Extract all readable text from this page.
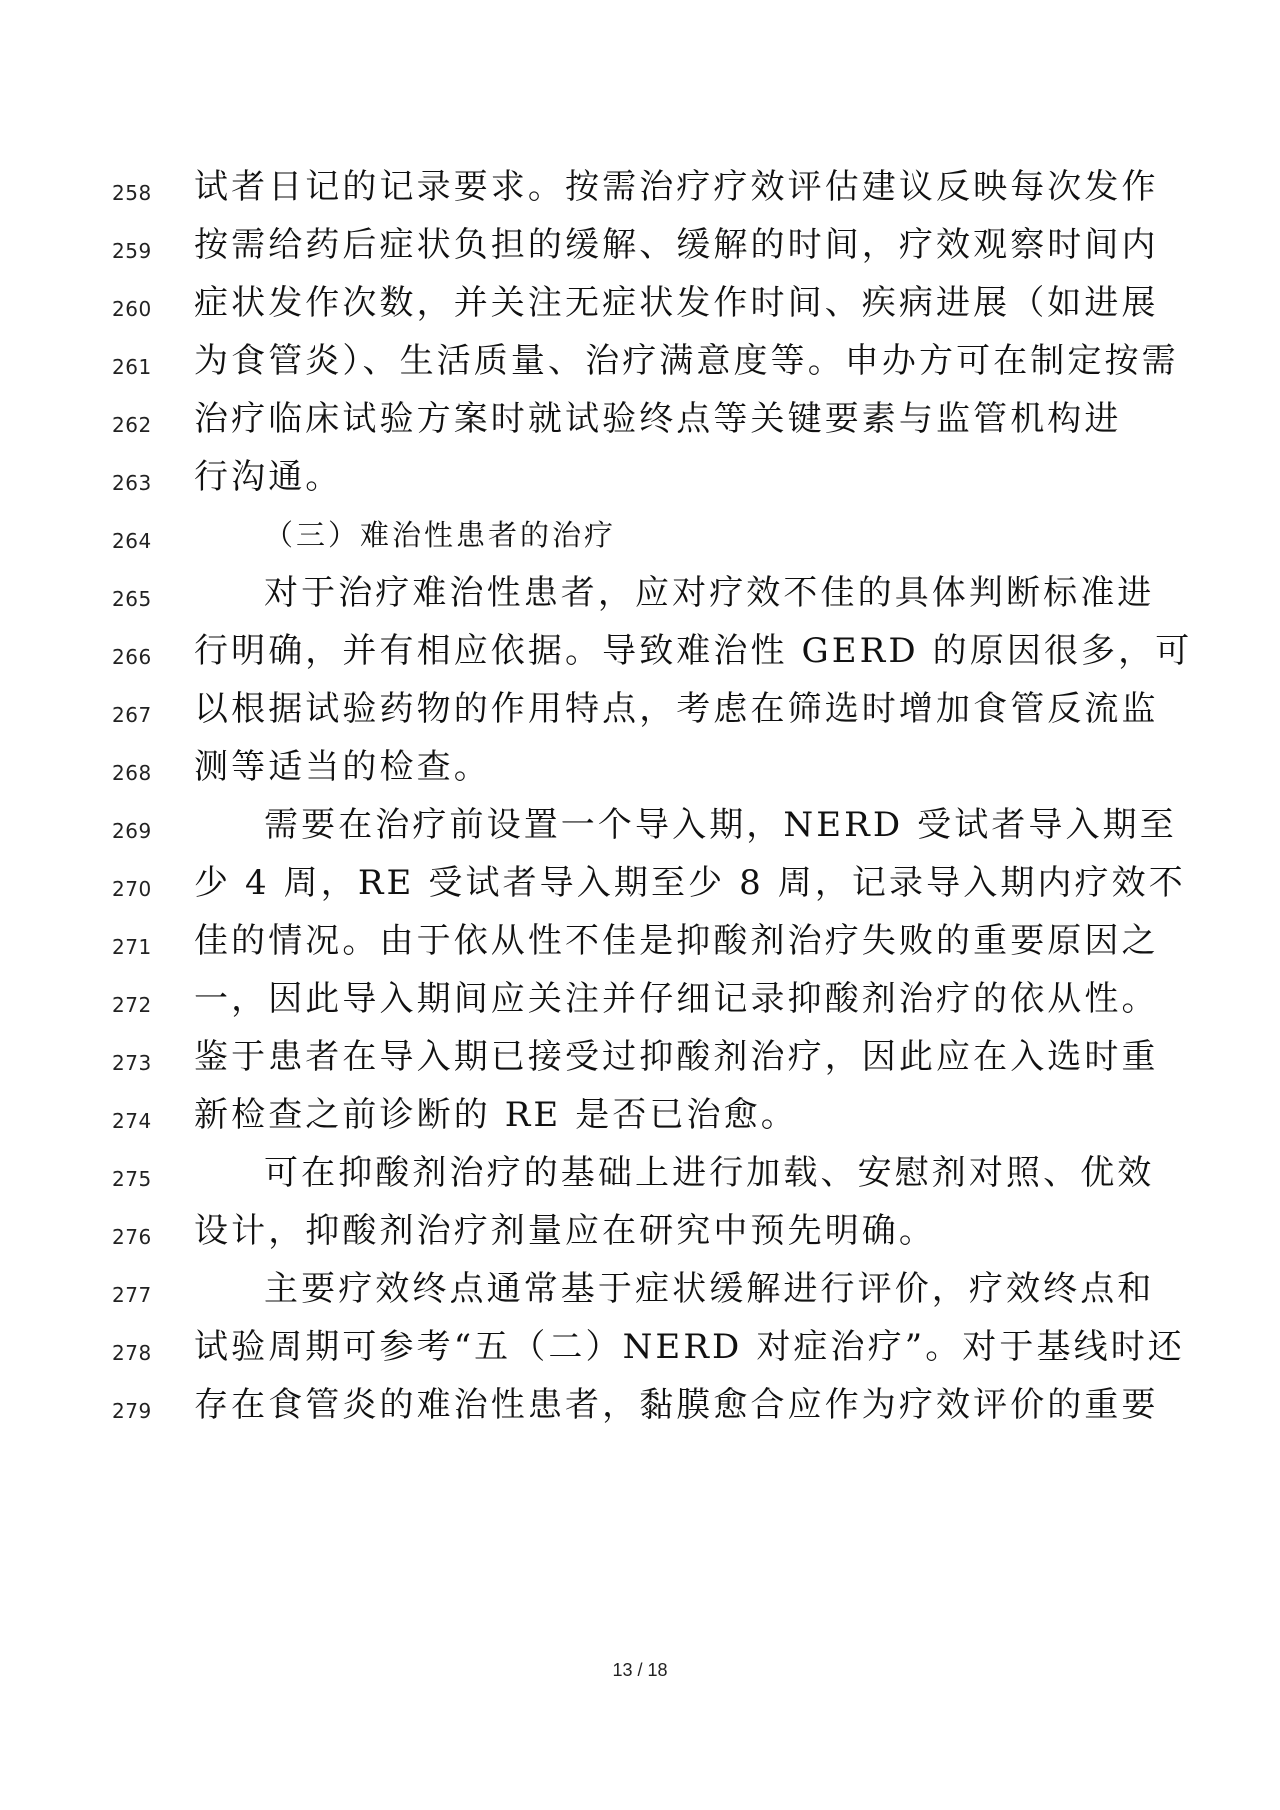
258	试者日记的记录要求。按需治疗疗效评估建议反映每次发作
259	按需给药后症状负担的缓解、缓解的时间，疗效观察时间内
260	症状发作次数，并关注无症状发作时间、疾病进展（如进展
261	为食管炎）、生活质量、治疗满意度等。申办方可在制定按需
262	治疗临床试验方案时就试验终点等关键要素与监管机构进
263	行沟通。
264	（三）难治性患者的治疗
265	对于治疗难治性患者，应对疗效不佳的具体判断标准进
266	行明确，并有相应依据。导致难治性 GERD 的原因很多，可
267	以根据试验药物的作用特点，考虑在筛选时增加食管反流监
268	测等适当的检查。
269	需要在治疗前设置一个导入期，NERD 受试者导入期至
270	少 4 周，RE 受试者导入期至少 8 周，记录导入期内疗效不
271	佳的情况。由于依从性不佳是抑酸剂治疗失败的重要原因之
272	一，因此导入期间应关注并仔细记录抑酸剂治疗的依从性。
273	鉴于患者在导入期已接受过抑酸剂治疗，因此应在入选时重
274	新检查之前诊断的 RE 是否已治愈。
275	可在抑酸剂治疗的基础上进行加载、安慰剂对照、优效
276	设计，抑酸剂治疗剂量应在研究中预先明确。
277	主要疗效终点通常基于症状缓解进行评价，疗效终点和
278	试验周期可参考“五（二）NERD 对症治疗”。对于基线时还
279	存在食管炎的难治性患者，黏膜愈合应作为疗效评价的重要
13 / 18
